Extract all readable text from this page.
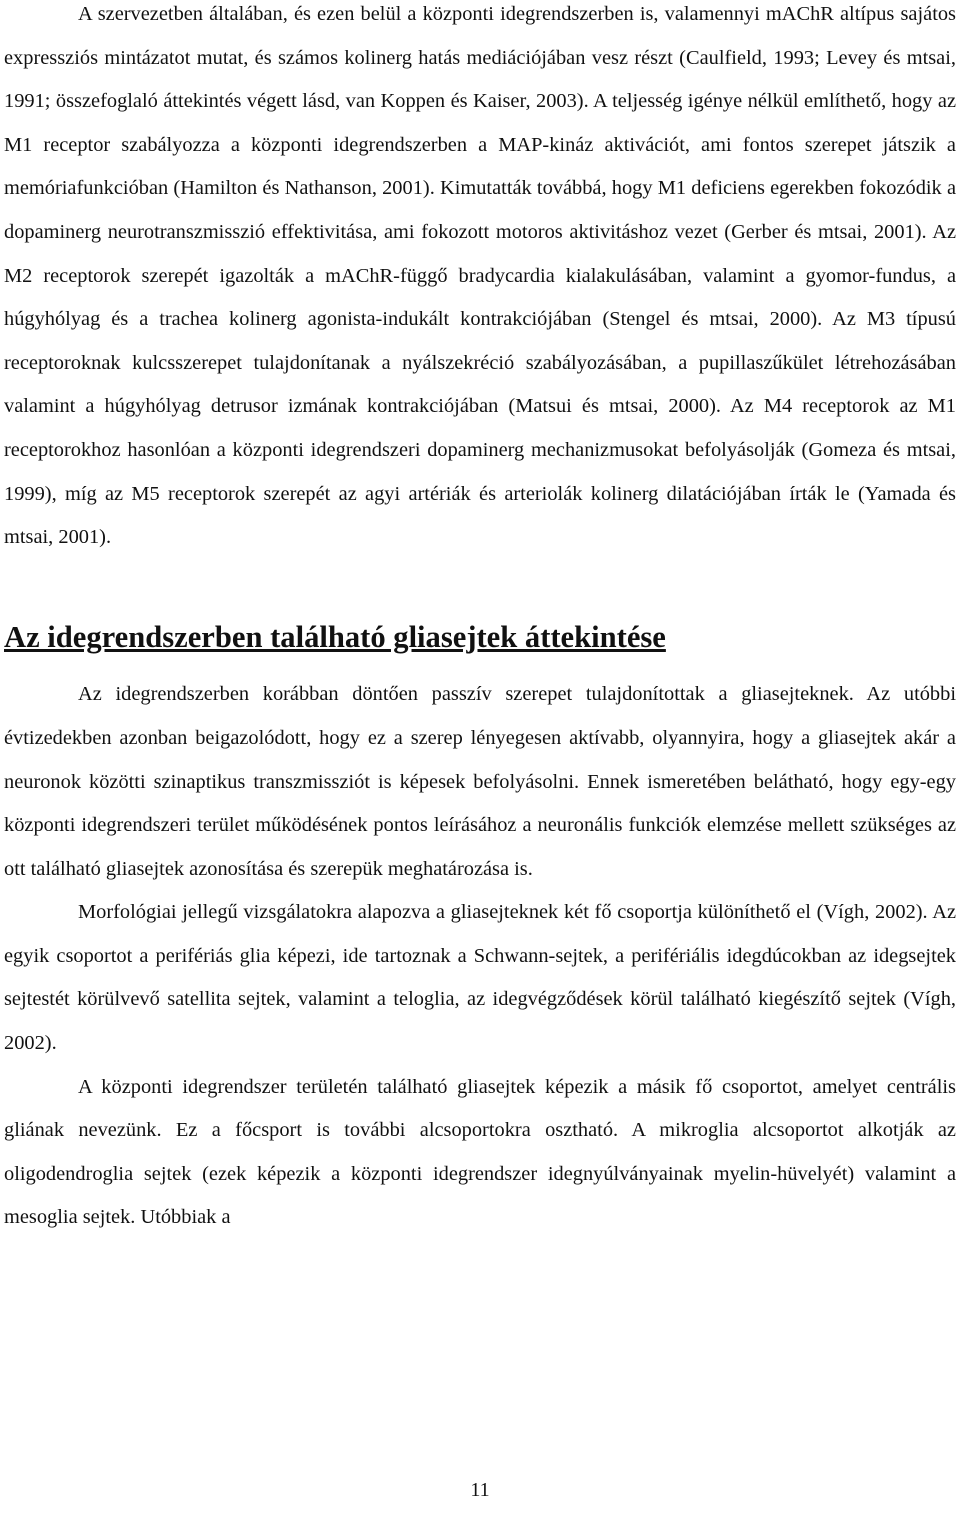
A szervezetben általában, és ezen belül a központi idegrendszerben is, valamennyi mAChR altípus sajátos expressziós mintázatot mutat, és számos kolinerg hatás mediációjában vesz részt (Caulfield, 1993; Levey és mtsai, 1991; összefoglaló áttekintés végett lásd, van Koppen és Kaiser, 2003). A teljesség igénye nélkül említhető, hogy az M1 receptor szabályozza a központi idegrendszerben a MAP-kináz aktivációt, ami fontos szerepet játszik a memóriafunkcióban (Hamilton és Nathanson, 2001). Kimutatták továbbá, hogy M1 deficiens egerekben fokozódik a dopaminerg neurotranszmisszió effektivitása, ami fokozott motoros aktivitáshoz vezet (Gerber és mtsai, 2001). Az M2 receptorok szerepét igazolták a mAChR-függő bradycardia kialakulásában, valamint a gyomor-fundus, a húgyhólyag és a trachea kolinerg agonista-indukált kontrakciójában (Stengel és mtsai, 2000). Az M3 típusú receptoroknak kulcsszerepet tulajdonítanak a nyálszekréció szabályozásában, a pupillaszűkület létrehozásában valamint a húgyhólyag detrusor izmának kontrakciójában (Matsui és mtsai, 2000). Az M4 receptorok az M1 receptorokhoz hasonlóan a központi idegrendszeri dopaminerg mechanizmusokat befolyásolják (Gomeza és mtsai, 1999), míg az M5 receptorok szerepét az agyi artériák és arteriolák kolinerg dilatációjában írták le (Yamada és mtsai, 2001).

Az idegrendszerben található gliasejtek áttekintése

Az idegrendszerben korábban döntően passzív szerepet tulajdonítottak a gliasejteknek. Az utóbbi évtizedekben azonban beigazolódott, hogy ez a szerep lényegesen aktívabb, olyannyira, hogy a gliasejtek akár a neuronok közötti szinaptikus transzmissziót is képesek befolyásolni. Ennek ismeretében belátható, hogy egy-egy központi idegrendszeri terület működésének pontos leírásához a neuronális funkciók elemzése mellett szükséges az ott található gliasejtek azonosítása és szerepük meghatározása is.

Morfológiai jellegű vizsgálatokra alapozva a gliasejteknek két fő csoportja különíthető el (Vígh, 2002). Az egyik csoportot a perifériás glia képezi, ide tartoznak a Schwann-sejtek, a perifériális idegdúcokban az idegsejtek sejtestét körülvevő satellita sejtek, valamint a teloglia, az idegvégződések körül található kiegészítő sejtek (Vígh, 2002).

A központi idegrendszer területén található gliasejtek képezik a másik fő csoportot, amelyet centrális gliának nevezünk. Ez a főcsport is további alcsoportokra osztható. A mikroglia alcsoportot alkotják az oligodendroglia sejtek (ezek képezik a központi idegrendszer idegnyúlványainak myelin-hüvelyét) valamint a mesoglia sejtek. Utóbbiak a

11
